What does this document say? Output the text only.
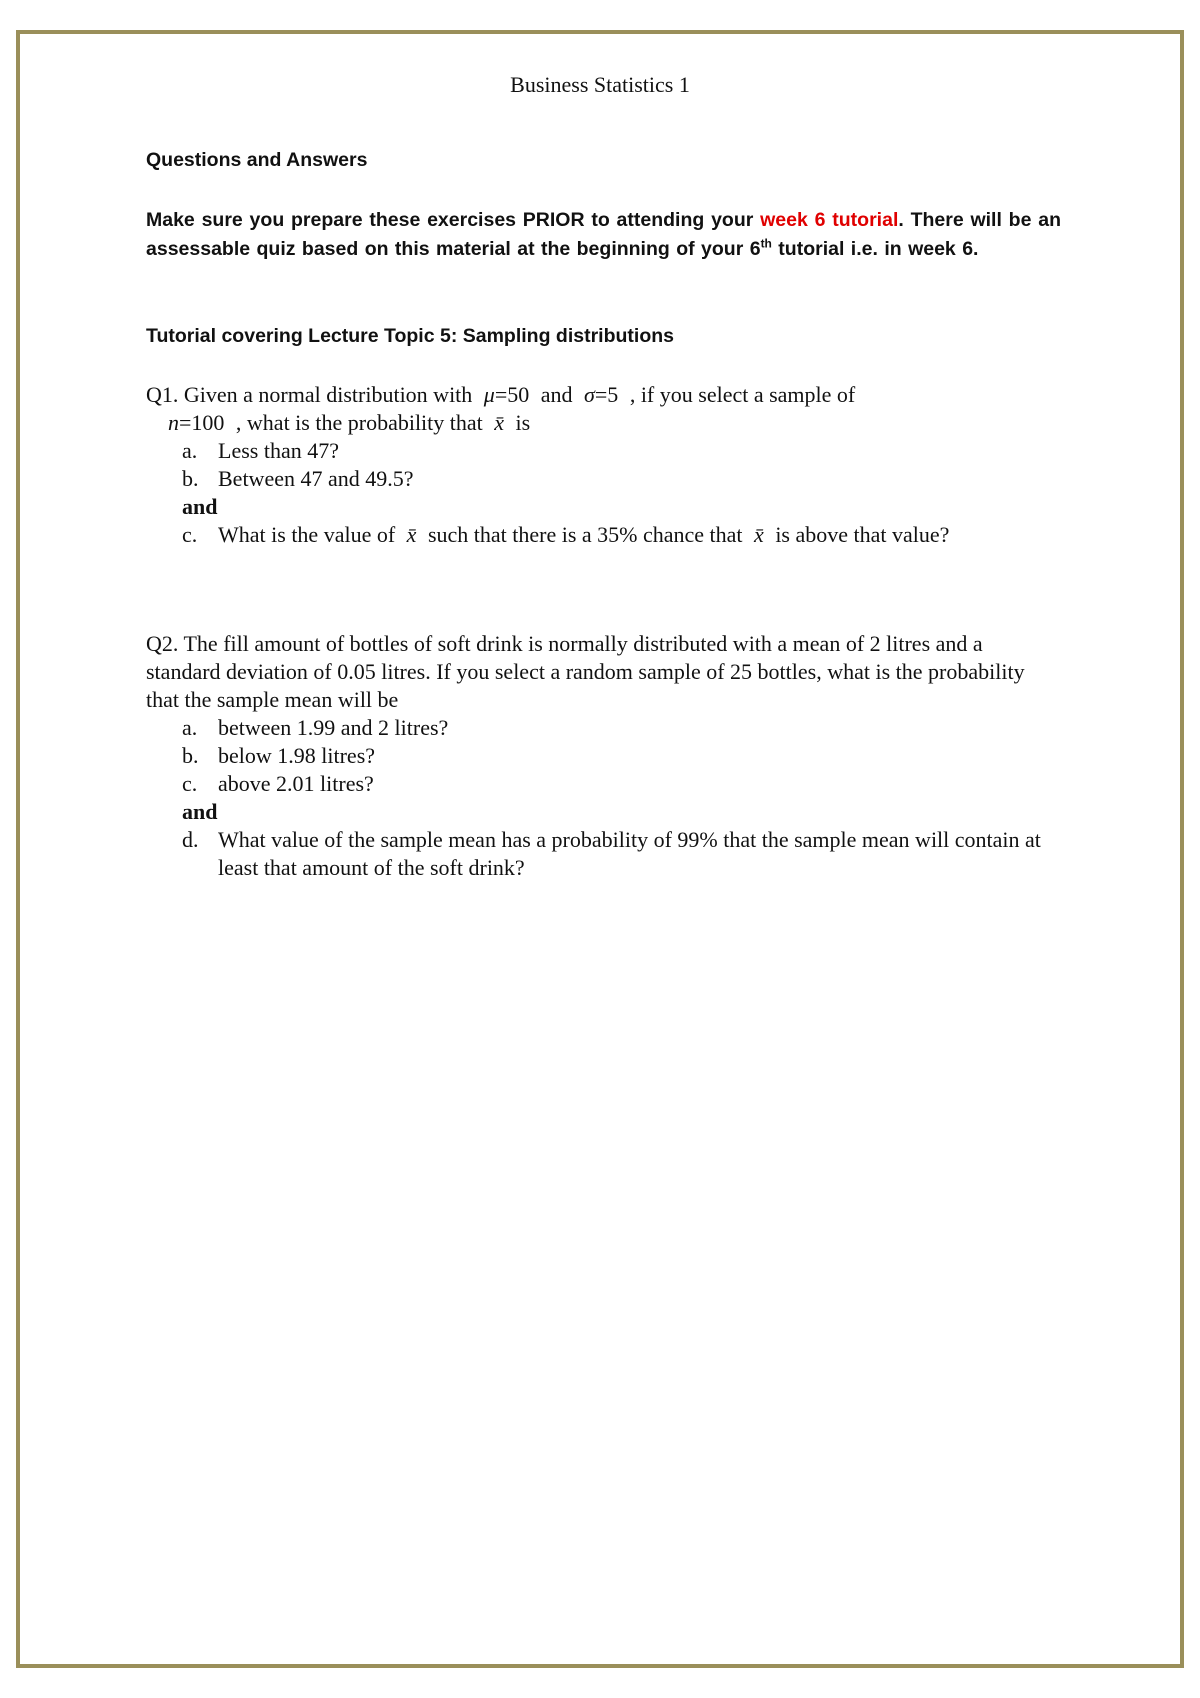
Business Statistics 1
Questions and Answers
Make sure you prepare these exercises PRIOR to attending your week 6 tutorial. There will be an assessable quiz based on this material at the beginning of your 6th tutorial i.e. in week 6.
Tutorial covering Lecture Topic 5: Sampling distributions
Q1. Given a normal distribution with μ=50 and σ=5 , if you select a sample of
n=100 , what is the probability that x̄ is
a. Less than 47?
b. Between 47 and 49.5?
and
c. What is the value of x̄ such that there is a 35% chance that x̄ is above that value?
Q2. The fill amount of bottles of soft drink is normally distributed with a mean of 2 litres and a standard deviation of 0.05 litres. If you select a random sample of 25 bottles, what is the probability that the sample mean will be
a. between 1.99 and 2 litres?
b. below 1.98 litres?
c. above 2.01 litres?
and
d. What value of the sample mean has a probability of 99% that the sample mean will contain at least that amount of the soft drink?
